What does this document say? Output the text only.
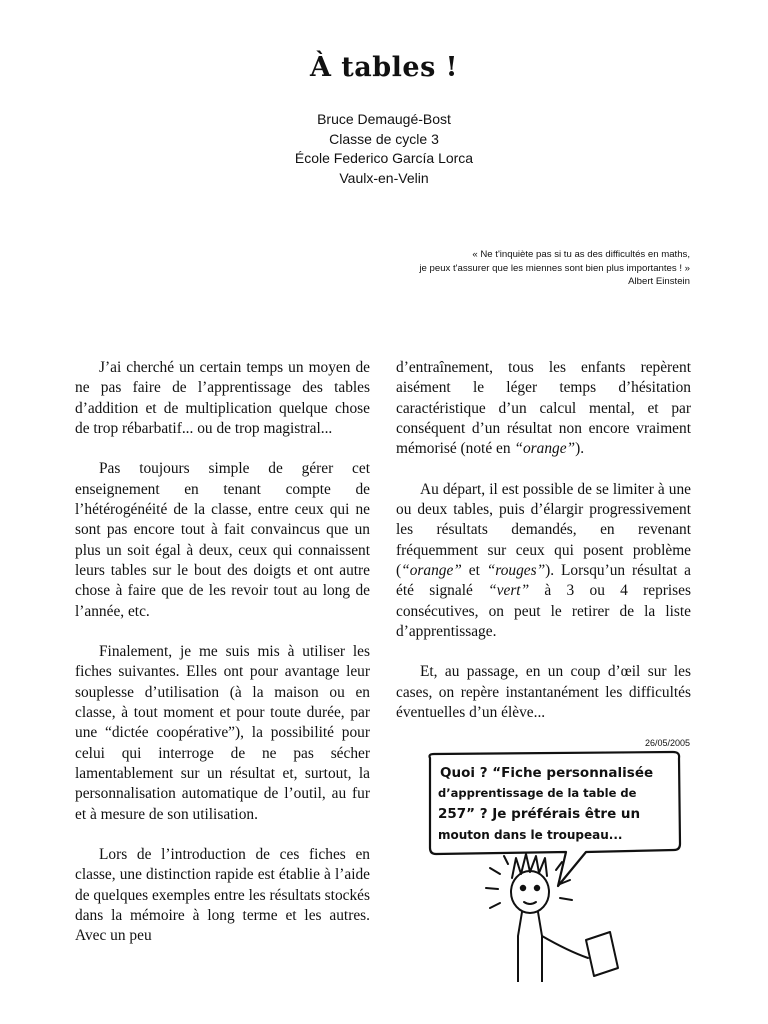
À tables !
Bruce Demaugé-Bost
Classe de cycle 3
École Federico García Lorca
Vaulx-en-Velin
« Ne t'inquiète pas si tu as des difficultés en maths,
je peux t'assurer que les miennes sont bien plus importantes ! »
Albert Einstein

J’ai cherché un certain temps un moyen de ne pas faire de l’apprentissage des tables d’addition et de multiplication quelque chose de trop rébarbatif... ou de trop magistral...

Pas toujours simple de gérer cet enseignement en tenant compte de l’hétérogénéité de la classe, entre ceux qui ne sont pas encore tout à fait convaincus que un plus un soit égal à deux, ceux qui connaissent leurs tables sur le bout des doigts et ont autre chose à faire que de les revoir tout au long de l’année, etc.

Finalement, je me suis mis à utiliser les fiches suivantes. Elles ont pour avantage leur souplesse d’utilisation (à la maison ou en classe, à tout moment et pour toute durée, par une “dictée coopérative”), la possibilité pour celui qui interroge de ne pas sécher lamentablement sur un résultat et, surtout, la personnalisation automatique de l’outil, au fur et à mesure de son utilisation.

Lors de l’introduction de ces fiches en classe, une distinction rapide est établie à l’aide de quelques exemples entre les résultats stockés dans la mémoire à long terme et les autres. Avec un peu

d’entraînement, tous les enfants repèrent aisément le léger temps d’hésitation caractéristique d’un calcul mental, et par conséquent d’un résultat non encore vraiment mémorisé (noté en “orange”).

Au départ, il est possible de se limiter à une ou deux tables, puis d’élargir progressivement les résultats demandés, en revenant fréquemment sur ceux qui posent problème (“orange” et “rouges”). Lorsqu’un résultat a été signalé “vert” à 3 ou 4 reprises consécutives, on peut le retirer de la liste d’apprentissage.

Et, au passage, en un coup d’œil sur les cases, on repère instantanément les difficultés éventuelles d’un élève...

26/05/2005
Quoi ? “Fiche personnalisée
d’apprentissage de la table de
257” ? Je préférais être un
mouton dans le troupeau...
